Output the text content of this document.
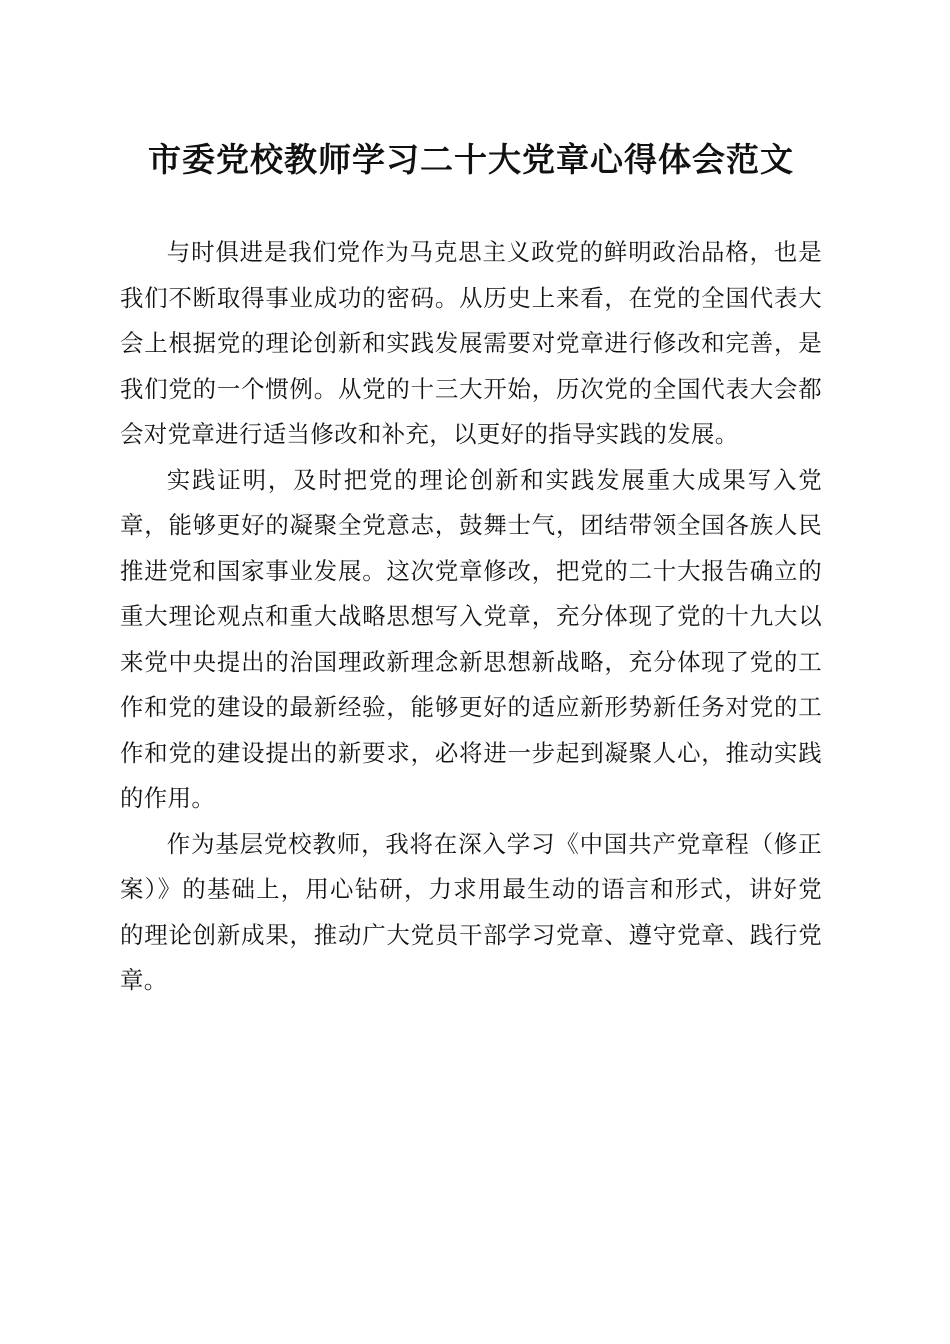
市委党校教师学习二十大党章心得体会范文

与时俱进是我们党作为马克思主义政党的鲜明政治品格，也是我们不断取得事业成功的密码。从历史上来看，在党的全国代表大会上根据党的理论创新和实践发展需要对党章进行修改和完善，是我们党的一个惯例。从党的十三大开始，历次党的全国代表大会都会对党章进行适当修改和补充，以更好的指导实践的发展。

实践证明，及时把党的理论创新和实践发展重大成果写入党章，能够更好的凝聚全党意志，鼓舞士气，团结带领全国各族人民推进党和国家事业发展。这次党章修改，把党的二十大报告确立的重大理论观点和重大战略思想写入党章，充分体现了党的十九大以来党中央提出的治国理政新理念新思想新战略，充分体现了党的工作和党的建设的最新经验，能够更好的适应新形势新任务对党的工作和党的建设提出的新要求，必将进一步起到凝聚人心，推动实践的作用。

作为基层党校教师，我将在深入学习《中国共产党章程（修正案）》的基础上，用心钻研，力求用最生动的语言和形式，讲好党的理论创新成果，推动广大党员干部学习党章、遵守党章、践行党章。
